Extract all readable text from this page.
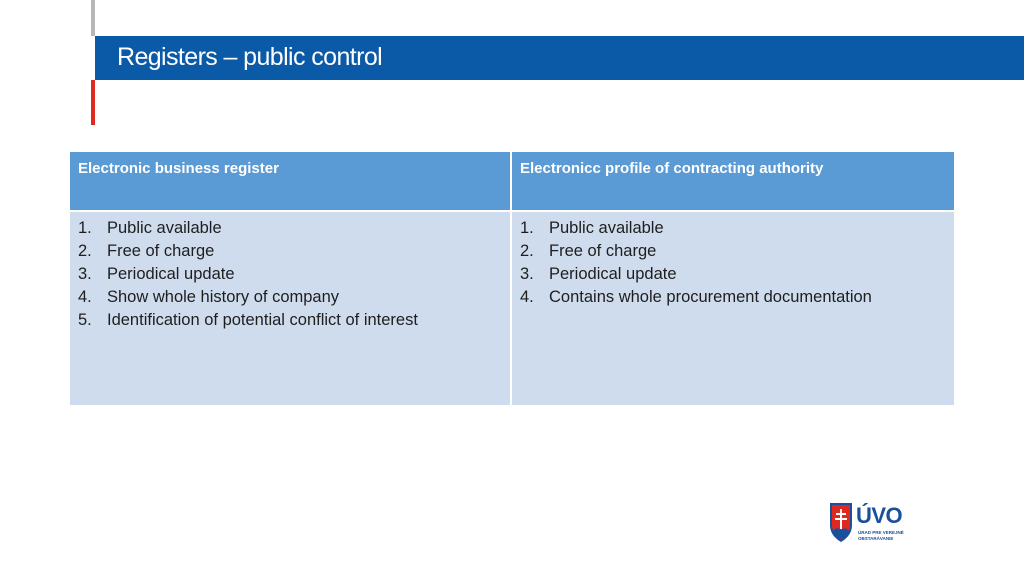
Registers – public control
Electronic business register	Electronicc profile of contracting authority
1. Public available
2. Free of charge
3. Periodical update
4. Show whole history of company
5. Identification of potential conflict of interest
1. Public available
2. Free of charge
3. Periodical update
4. Contains whole procurement documentation
ÚVO
ÚRAD PRE VEREJNÉ
OBSTARÁVANIE
